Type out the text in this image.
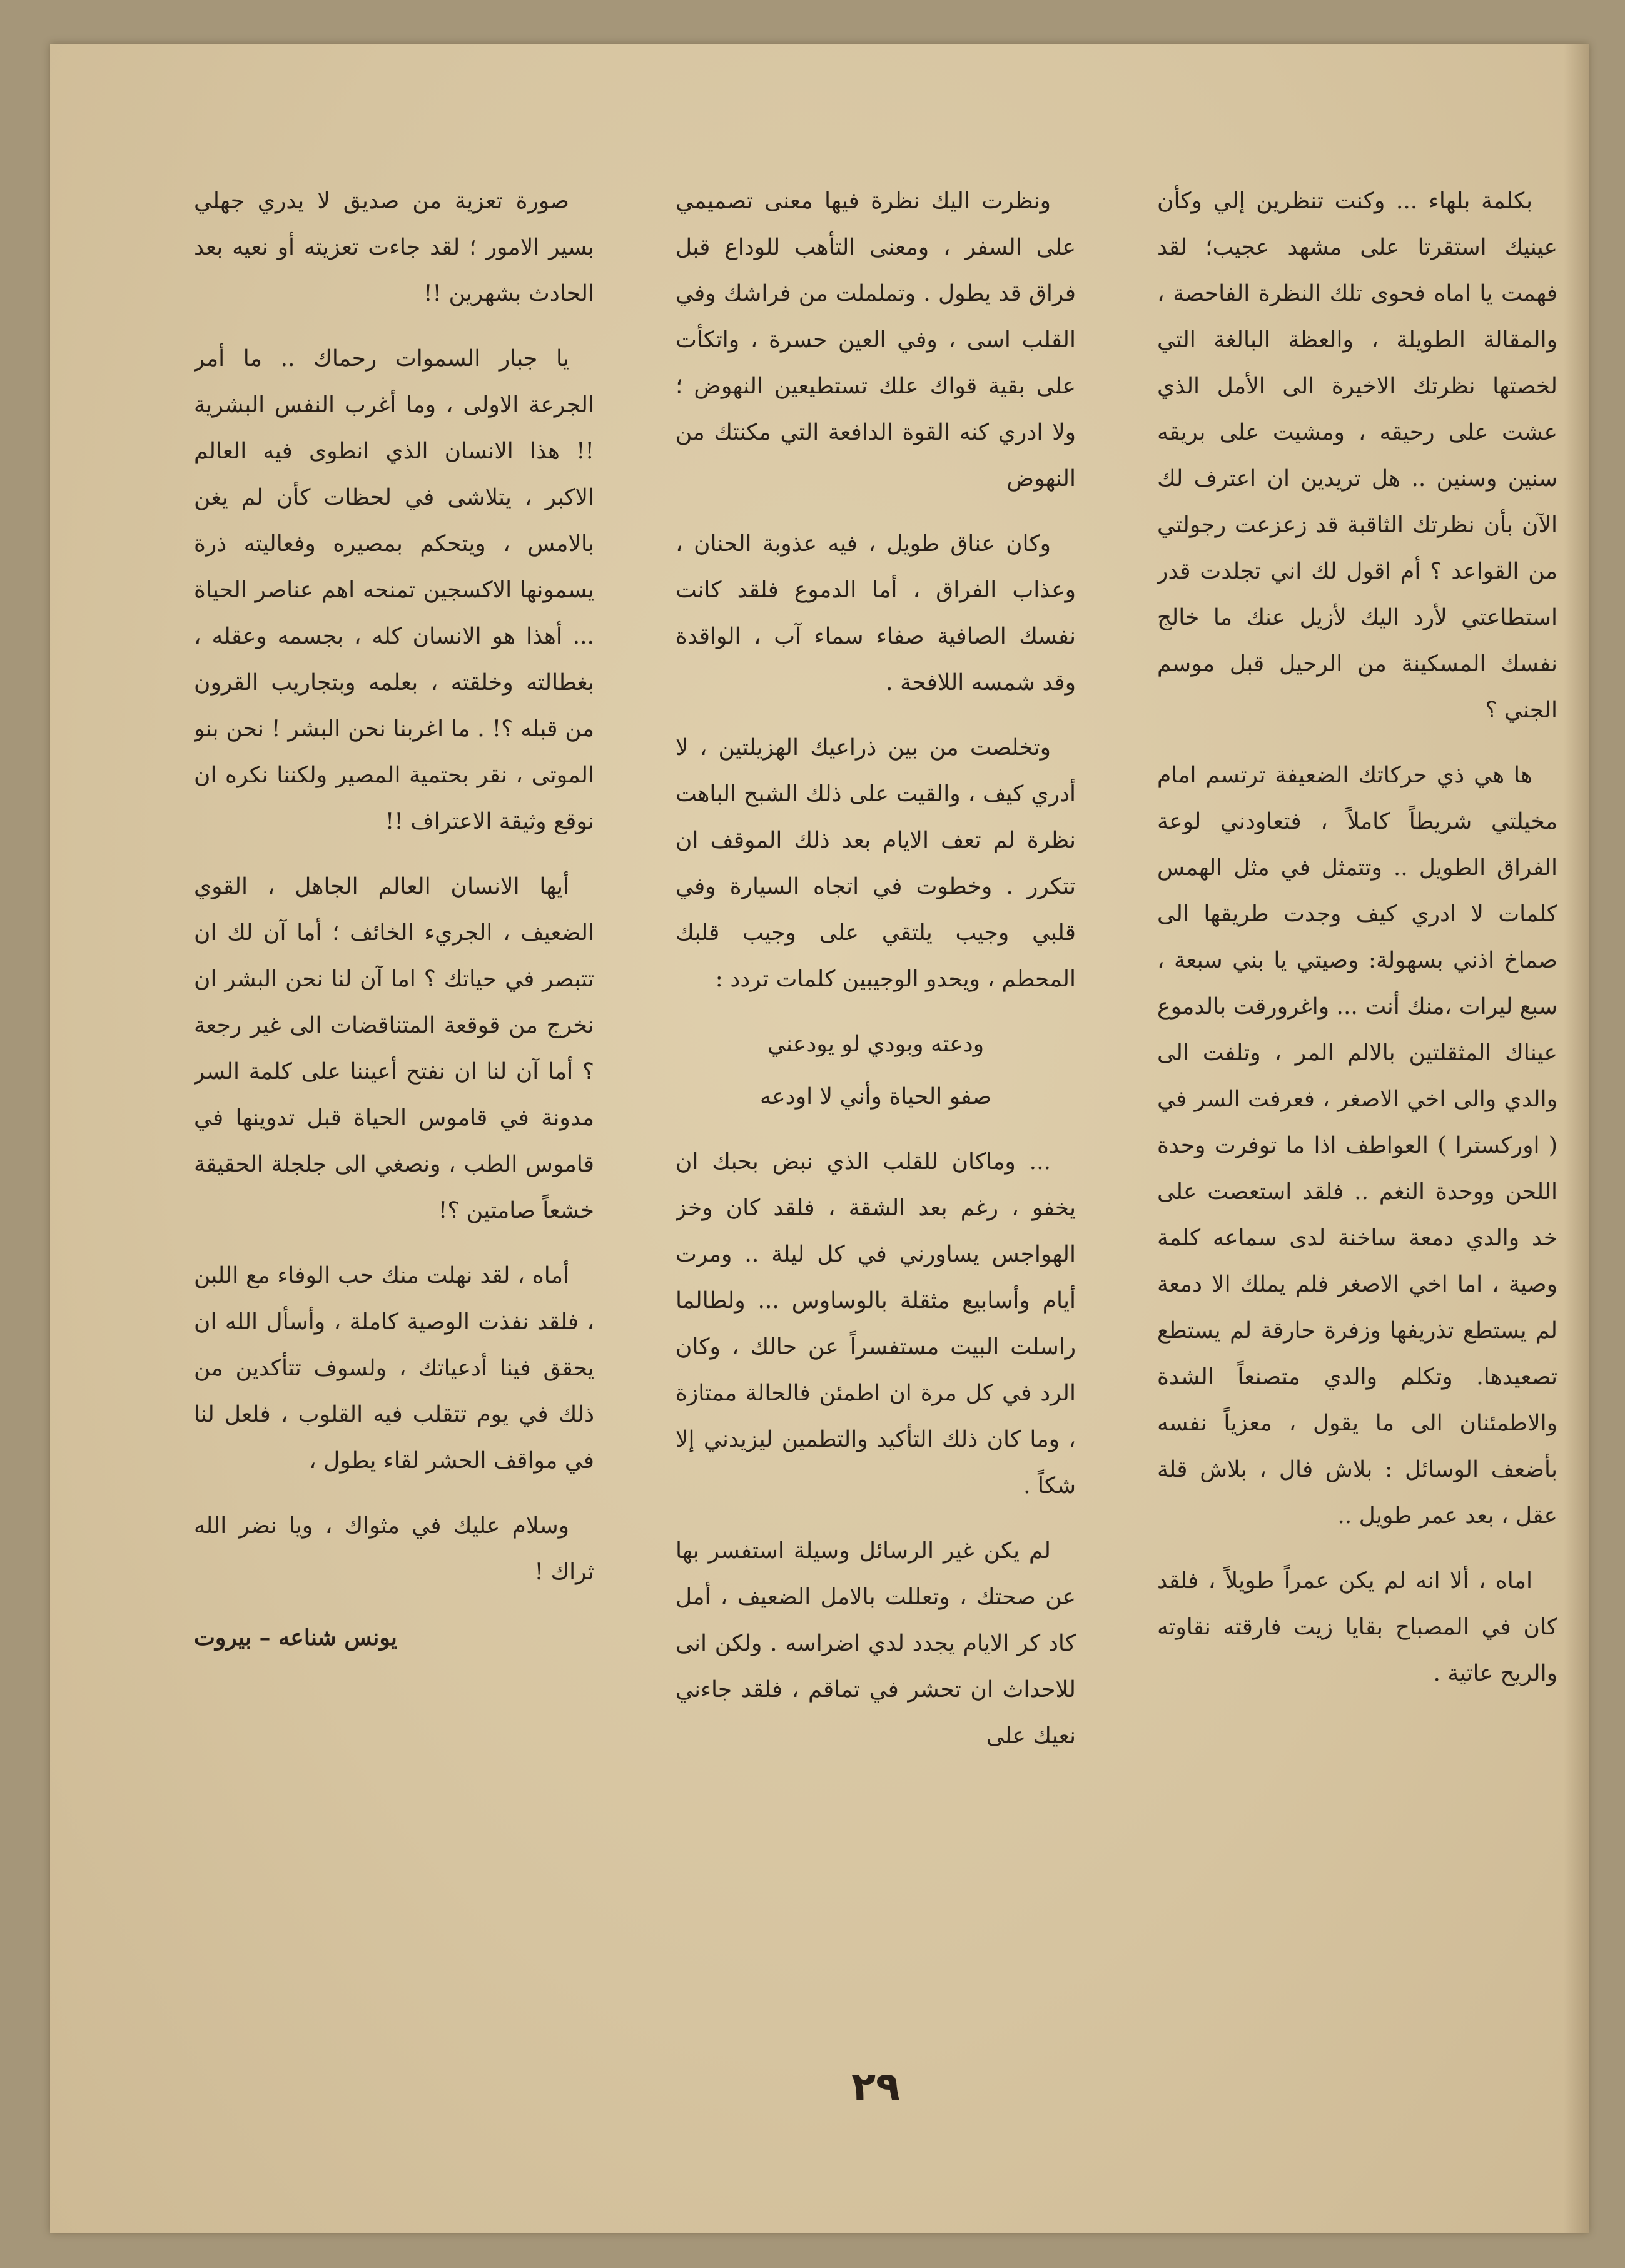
بكلمة بلهاء ... وكنت تنظرين إلي وكأن عينيك استقرتا على مشهد عجيب؛ لقد فهمت يا اماه فحوى تلك النظرة الفاحصة ، والمقالة الطويلة ، والعظة البالغة التي لخصتها نظرتك الاخيرة الى الأمل الذي عشت على رحيقه ، ومشيت على بريقه سنين وسنين .. هل تريدين ان اعترف لك الآن بأن نظرتك الثاقبة قد زعزعت رجولتي من القواعد ؟ أم اقول لك اني تجلدت قدر استطاعتي لأرد اليك لأزيل عنك ما خالج نفسك المسكينة من الرحيل قبل موسم الجني ؟

ها هي ذي حركاتك الضعيفة ترتسم امام مخيلتي شريطاً كاملاً ، فتعاودني لوعة الفراق الطويل .. وتتمثل في مثل الهمس كلمات لا ادري كيف وجدت طريقها الى صماخ اذني بسهولة: وصيتي يا بني سبعة ، سبع ليرات ،منك أنت ... واغرورقت بالدموع عيناك المثقلتين بالالم المر ، وتلفت الى والدي والى اخي الاصغر ، فعرفت السر في ( اوركسترا ) العواطف اذا ما توفرت وحدة اللحن ووحدة النغم .. فلقد استعصت على خد والدي دمعة ساخنة لدى سماعه كلمة وصية ، اما اخي الاصغر فلم يملك الا دمعة لم يستطع تذريفها وزفرة حارقة لم يستطع تصعيدها. وتكلم والدي متصنعاً الشدة والاطمئنان الى ما يقول ، معزياً نفسه بأضعف الوسائل : بلاش فال ، بلاش قلة عقل ، بعد عمر طويل ..

اماه ، ألا انه لم يكن عمراً طويلاً ، فلقد كان في المصباح بقايا زيت فارقته نقاوته والريح عاتية .

ونظرت اليك نظرة فيها معنى تصميمي على السفر ، ومعنى التأهب للوداع قبل فراق قد يطول . وتململت من فراشك وفي القلب اسى ، وفي العين حسرة ، واتكأت على بقية قواك علك تستطيعين النهوض ؛ ولا ادري كنه القوة الدافعة التي مكنتك من النهوض

وكان عناق طويل ، فيه عذوبة الحنان ، وعذاب الفراق ، أما الدموع فلقد كانت نفسك الصافية صفاء سماء آب ، الواقدة وقد شمسه اللافحة .

وتخلصت من بين ذراعيك الهزيلتين ، لا أدري كيف ، والقيت على ذلك الشبح الباهت نظرة لم تعف الايام بعد ذلك الموقف ان تتكرر . وخطوت في اتجاه السيارة وفي قلبي وجيب يلتقي على وجيب قلبك المحطم ، ويحدو الوجيبين كلمات تردد :

ودعته وبودي لو يودعني

صفو الحياة وأني لا اودعه

... وماكان للقلب الذي نبض بحبك ان يخفو ، رغم بعد الشقة ، فلقد كان وخز الهواجس يساورني في كل ليلة .. ومرت أيام وأسابيع مثقلة بالوساوس ... ولطالما راسلت البيت مستفسراً عن حالك ، وكان الرد في كل مرة ان اطمئن فالحالة ممتازة ، وما كان ذلك التأكيد والتطمين ليزيدني إلا شكاً .

لم يكن غير الرسائل وسيلة استفسر بها عن صحتك ، وتعللت بالامل الضعيف ، أمل كاد كر الايام يجدد لدي اضراسه . ولكن انى للاحداث ان تحشر في تماقم ، فلقد جاءني نعيك على

صورة تعزية من صديق لا يدري جهلي بسير الامور ؛ لقد جاءت تعزيته أو نعيه بعد الحادث بشهرين !!

يا جبار السموات رحماك .. ما أمر الجرعة الاولى ، وما أغرب النفس البشرية !! هذا الانسان الذي انطوى فيه العالم الاكبر ، يتلاشى في لحظات كأن لم يغن بالامس ، ويتحكم بمصيره وفعاليته ذرة يسمونها الاكسجين تمنحه اهم عناصر الحياة ... أهذا هو الانسان كله ، بجسمه وعقله ، بغطالته وخلقته ، بعلمه وبتجاريب القرون من قبله ؟! . ما اغربنا نحن البشر ! نحن بنو الموتى ، نقر بحتمية المصير ولكننا نكره ان نوقع وثيقة الاعتراف !!

أيها الانسان العالم الجاهل ، القوي الضعيف ، الجريء الخائف ؛ أما آن لك ان تتبصر في حياتك ؟ اما آن لنا نحن البشر ان نخرج من قوقعة المتناقضات الى غير رجعة ؟ أما آن لنا ان نفتح أعيننا على كلمة السر مدونة في قاموس الحياة قبل تدوينها في قاموس الطب ، ونصغي الى جلجلة الحقيقة خشعاً صامتين ؟!

أماه ، لقد نهلت منك حب الوفاء مع اللبن ، فلقد نفذت الوصية كاملة ، وأسأل الله ان يحقق فينا أدعياتك ، ولسوف تتأكدين من ذلك في يوم تتقلب فيه القلوب ، فلعل لنا في مواقف الحشر لقاء يطول ،

وسلام عليك في مثواك ، ويا نضر الله ثراك !

يونس شناعه – بيروت

٢٩
